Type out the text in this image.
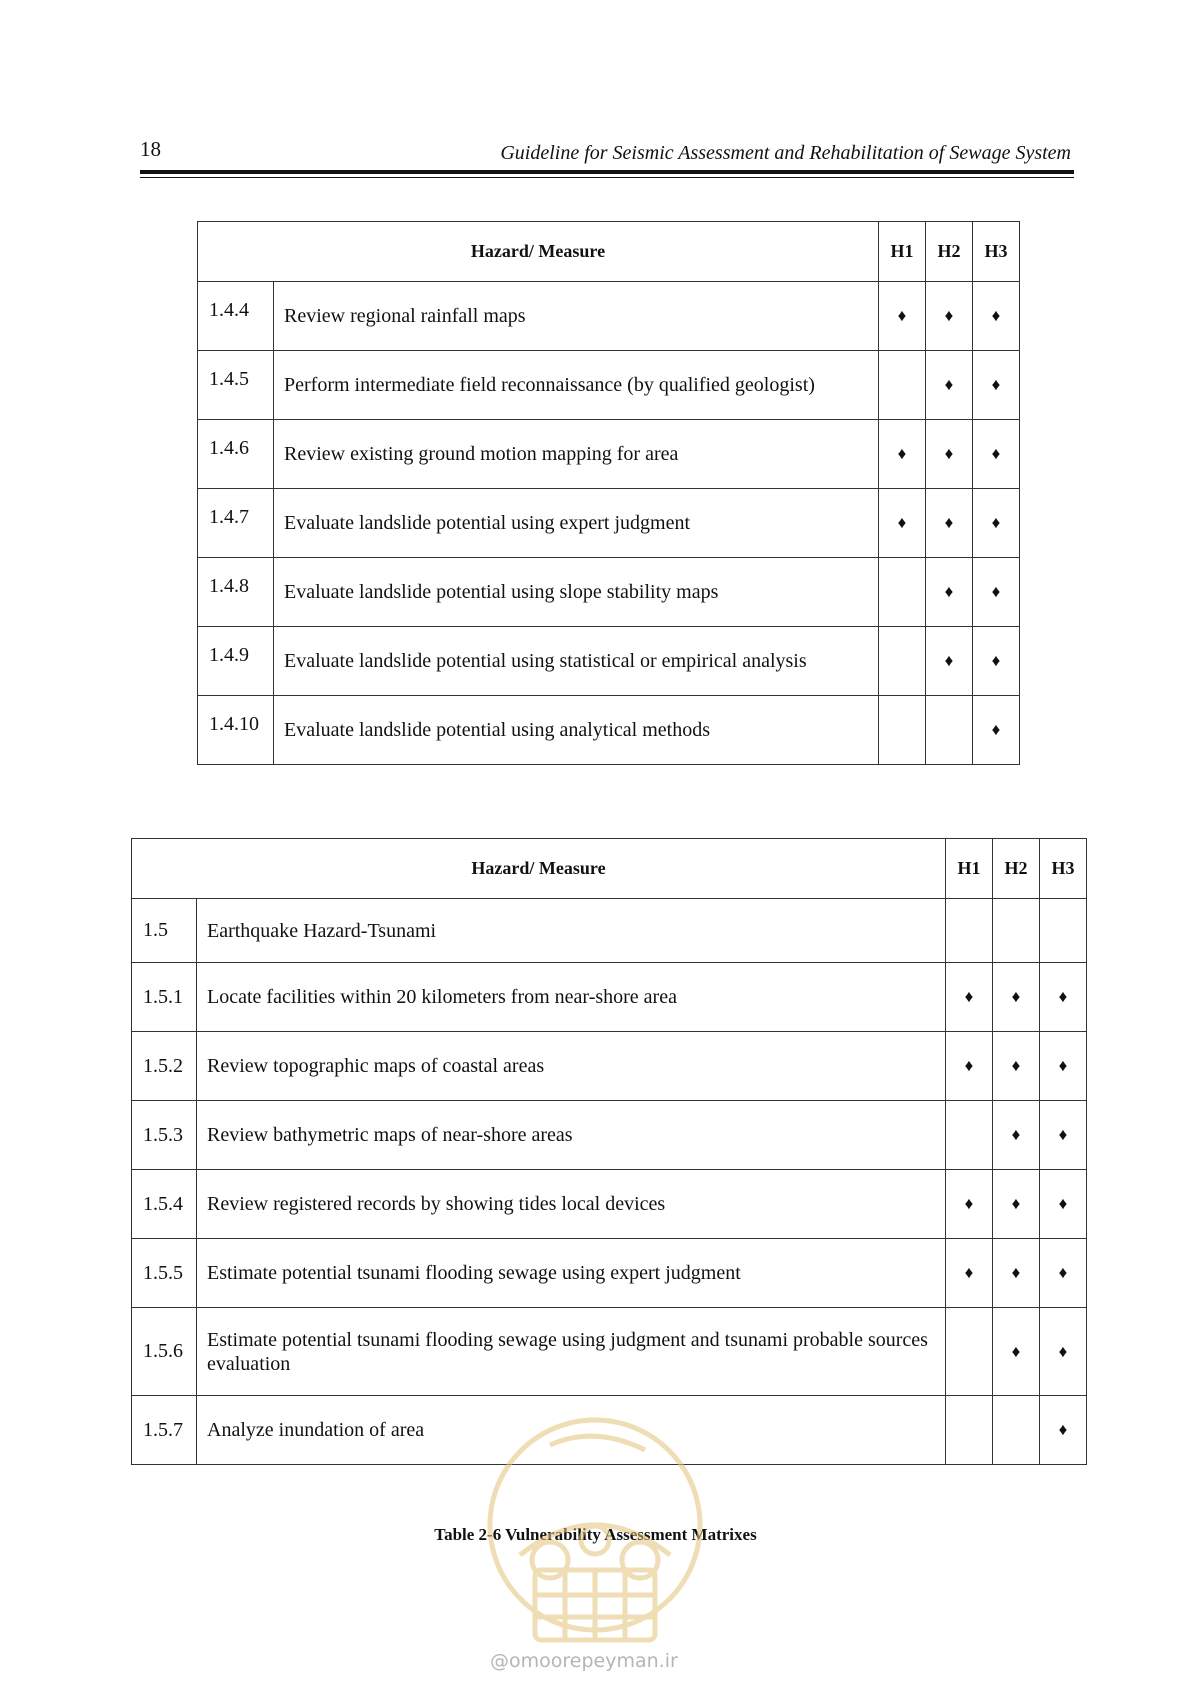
18	Guideline for Seismic Assessment and Rehabilitation of Sewage System
Hazard/ Measure		H1	H2	H3
1.4.4	Review regional rainfall maps	♦	♦	♦
1.4.5	Perform intermediate field reconnaissance (by qualified geologist)		♦	♦
1.4.6	Review existing ground motion mapping for area	♦	♦	♦
1.4.7	Evaluate landslide potential using expert judgment	♦	♦	♦
1.4.8	Evaluate landslide potential using slope stability maps		♦	♦
1.4.9	Evaluate landslide potential using statistical or empirical analysis		♦	♦
1.4.10	Evaluate landslide potential using analytical methods			♦
Hazard/ Measure		H1	H2	H3
1.5	Earthquake Hazard-Tsunami			
1.5.1	Locate facilities within 20 kilometers from near-shore area	♦	♦	♦
1.5.2	Review topographic maps of coastal areas	♦	♦	♦
1.5.3	Review bathymetric maps of near-shore areas		♦	♦
1.5.4	Review registered records by showing tides local devices	♦	♦	♦
1.5.5	Estimate potential tsunami flooding sewage using expert judgment	♦	♦	♦
1.5.6	Estimate potential tsunami flooding sewage using judgment and tsunami probable sources evaluation		♦	♦
1.5.7	Analyze inundation of area			♦
Table 2-6 Vulnerability Assessment Matrixes
@omoorepeyman.ir
